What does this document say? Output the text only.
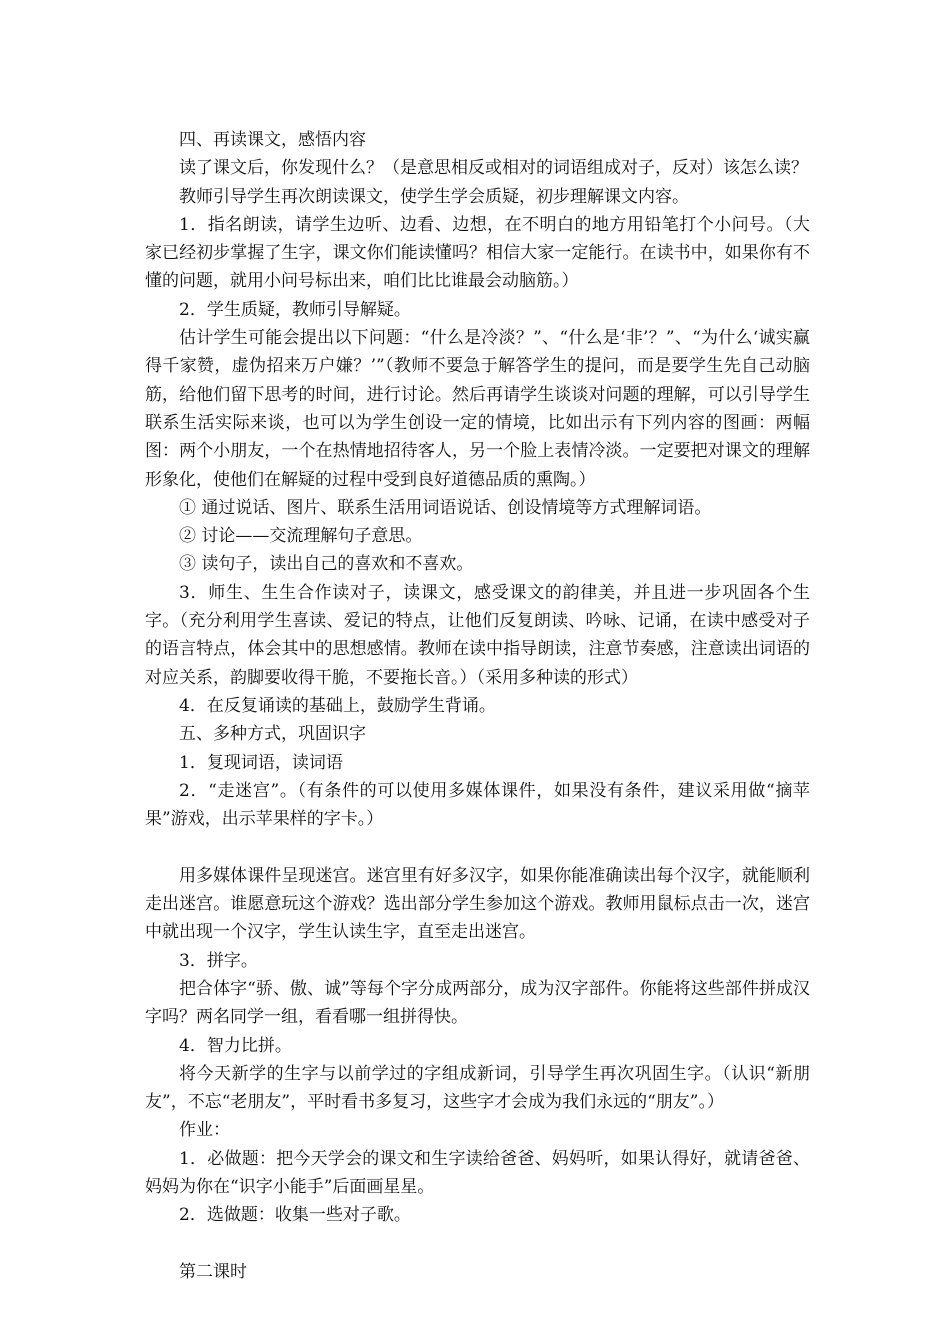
四、再读课文，感悟内容

读了课文后，你发现什么？（是意思相反或相对的词语组成对子，反对）该怎么读？

教师引导学生再次朗读课文，使学生学会质疑，初步理解课文内容。

1．指名朗读，请学生边听、边看、边想，在不明白的地方用铅笔打个小问号。（大家已经初步掌握了生字，课文你们能读懂吗？相信大家一定能行。在读书中，如果你有不懂的问题，就用小问号标出来，咱们比比谁最会动脑筋。）

2．学生质疑，教师引导解疑。

估计学生可能会提出以下问题：“什么是冷淡？”、“什么是‘非’？”、“为什么‘诚实赢得千家赞，虚伪招来万户嫌？’”（教师不要急于解答学生的提问，而是要学生先自己动脑筋，给他们留下思考的时间，进行讨论。然后再请学生谈谈对问题的理解，可以引导学生联系生活实际来谈，也可以为学生创设一定的情境，比如出示有下列内容的图画：两幅图：两个小朋友，一个在热情地招待客人，另一个脸上表情冷淡。一定要把对课文的理解形象化，使他们在解疑的过程中受到良好道德品质的熏陶。）

① 通过说话、图片、联系生活用词语说话、创设情境等方式理解词语。

② 讨论——交流理解句子意思。

③ 读句子，读出自己的喜欢和不喜欢。

3．师生、生生合作读对子，读课文，感受课文的韵律美，并且进一步巩固各个生字。（充分利用学生喜读、爱记的特点，让他们反复朗读、吟咏、记诵，在读中感受对子的语言特点，体会其中的思想感情。教师在读中指导朗读，注意节奏感，注意读出词语的对应关系，韵脚要收得干脆，不要拖长音。）（采用多种读的形式）

4．在反复诵读的基础上，鼓励学生背诵。

五、多种方式，巩固识字

1．复现词语，读词语

2．“走迷宫”。（有条件的可以使用多媒体课件，如果没有条件，建议采用做“摘苹果”游戏，出示苹果样的字卡。）

用多媒体课件呈现迷宫。迷宫里有好多汉字，如果你能准确读出每个汉字，就能顺利走出迷宫。谁愿意玩这个游戏？选出部分学生参加这个游戏。教师用鼠标点击一次，迷宫中就出现一个汉字，学生认读生字，直至走出迷宫。

3．拼字。

把合体字“骄、傲、诚”等每个字分成两部分，成为汉字部件。你能将这些部件拼成汉字吗？两名同学一组，看看哪一组拼得快。

4．智力比拼。

将今天新学的生字与以前学过的字组成新词，引导学生再次巩固生字。（认识“新朋友”，不忘“老朋友”，平时看书多复习，这些字才会成为我们永远的“朋友”。）

作业：

1．必做题：把今天学会的课文和生字读给爸爸、妈妈听，如果认得好，就请爸爸、妈妈为你在“识字小能手”后面画星星。

2．选做题：收集一些对子歌。

第二课时
